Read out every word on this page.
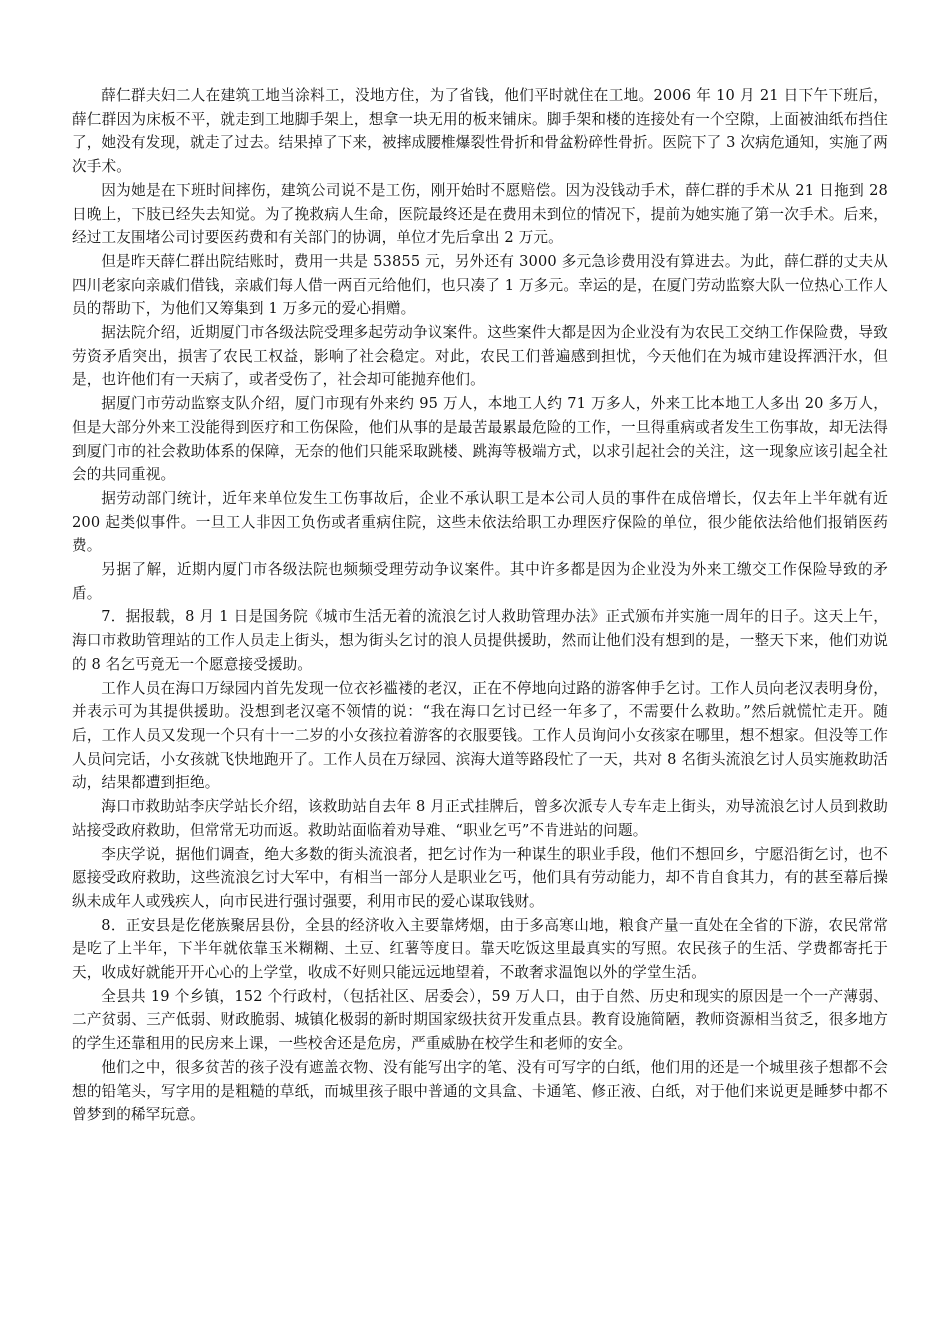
薛仁群夫妇二人在建筑工地当涂料工，没地方住，为了省钱，他们平时就住在工地。2006 年 10 月 21 日下午下班后，薛仁群因为床板不平，就走到工地脚手架上，想拿一块无用的板来铺床。脚手架和楼的连接处有一个空隙，上面被油纸布挡住了，她没有发现，就走了过去。结果掉了下来，被摔成腰椎爆裂性骨折和骨盆粉碎性骨折。医院下了 3 次病危通知，实施了两次手术。

因为她是在下班时间摔伤，建筑公司说不是工伤，刚开始时不愿赔偿。因为没钱动手术，薛仁群的手术从 21 日拖到 28 日晚上，下肢已经失去知觉。为了挽救病人生命，医院最终还是在费用未到位的情况下，提前为她实施了第一次手术。后来，经过工友围堵公司讨要医药费和有关部门的协调，单位才先后拿出 2 万元。

但是昨天薛仁群出院结账时，费用一共是 53855 元，另外还有 3000 多元急诊费用没有算进去。为此，薛仁群的丈夫从四川老家向亲戚们借钱，亲戚们每人借一两百元给他们，也只凑了 1 万多元。幸运的是，在厦门劳动监察大队一位热心工作人员的帮助下，为他们又筹集到 1 万多元的爱心捐赠。

据法院介绍，近期厦门市各级法院受理多起劳动争议案件。这些案件大都是因为企业没有为农民工交纳工作保险费，导致劳资矛盾突出，损害了农民工权益，影响了社会稳定。对此，农民工们普遍感到担忧，今天他们在为城市建设挥洒汗水，但是，也许他们有一天病了，或者受伤了，社会却可能抛弃他们。

据厦门市劳动监察支队介绍，厦门市现有外来约 95 万人，本地工人约 71 万多人，外来工比本地工人多出 20 多万人，但是大部分外来工没能得到医疗和工伤保险，他们从事的是最苦最累最危险的工作，一旦得重病或者发生工伤事故，却无法得到厦门市的社会救助体系的保障，无奈的他们只能采取跳楼、跳海等极端方式，以求引起社会的关注，这一现象应该引起全社会的共同重视。

据劳动部门统计，近年来单位发生工伤事故后，企业不承认职工是本公司人员的事件在成倍增长，仅去年上半年就有近 200 起类似事件。一旦工人非因工负伤或者重病住院，这些未依法给职工办理医疗保险的单位，很少能依法给他们报销医药费。

另据了解，近期内厦门市各级法院也频频受理劳动争议案件。其中许多都是因为企业没为外来工缴交工作保险导致的矛盾。

7．据报载，8 月 1 日是国务院《城市生活无着的流浪乞讨人救助管理办法》正式颁布并实施一周年的日子。这天上午，海口市救助管理站的工作人员走上街头，想为街头乞讨的浪人员提供援助，然而让他们没有想到的是，一整天下来，他们劝说的 8 名乞丐竟无一个愿意接受援助。

工作人员在海口万绿园内首先发现一位衣衫褴褛的老汉，正在不停地向过路的游客伸手乞讨。工作人员向老汉表明身份，并表示可为其提供援助。没想到老汉毫不领情的说：“我在海口乞讨已经一年多了，不需要什么救助。”然后就慌忙走开。随后，工作人员又发现一个只有十一二岁的小女孩拉着游客的衣服要钱。工作人员询问小女孩家在哪里，想不想家。但没等工作人员问完话，小女孩就飞快地跑开了。工作人员在万绿园、滨海大道等路段忙了一天，共对 8 名街头流浪乞讨人员实施救助活动，结果都遭到拒绝。

海口市救助站李庆学站长介绍，该救助站自去年 8 月正式挂牌后，曾多次派专人专车走上街头，劝导流浪乞讨人员到救助站接受政府救助，但常常无功而返。救助站面临着劝导难、“职业乞丐”不肯进站的问题。

李庆学说，据他们调查，绝大多数的街头流浪者，把乞讨作为一种谋生的职业手段，他们不想回乡，宁愿沿街乞讨，也不愿接受政府救助，这些流浪乞讨大军中，有相当一部分人是职业乞丐，他们具有劳动能力，却不肯自食其力，有的甚至幕后操纵未成年人或残疾人，向市民进行强讨强要，利用市民的爱心谋取钱财。

8．正安县是仡佬族聚居县份，全县的经济收入主要靠烤烟，由于多高寒山地，粮食产量一直处在全省的下游，农民常常是吃了上半年，下半年就依靠玉米糊糊、土豆、红薯等度日。靠天吃饭这里最真实的写照。农民孩子的生活、学费都寄托于天，收成好就能开开心心的上学堂，收成不好则只能远远地望着，不敢奢求温饱以外的学堂生活。

全县共 19 个乡镇，152 个行政村，（包括社区、居委会），59 万人口，由于自然、历史和现实的原因是一个一产薄弱、二产贫弱、三产低弱、财政脆弱、城镇化极弱的新时期国家级扶贫开发重点县。教育设施简陋，教师资源相当贫乏，很多地方的学生还靠租用的民房来上课，一些校舍还是危房，严重威胁在校学生和老师的安全。

他们之中，很多贫苦的孩子没有遮盖衣物、没有能写出字的笔、没有可写字的白纸，他们用的还是一个城里孩子想都不会想的铅笔头，写字用的是粗糙的草纸，而城里孩子眼中普通的文具盒、卡通笔、修正液、白纸，对于他们来说更是睡梦中都不曾梦到的稀罕玩意。
